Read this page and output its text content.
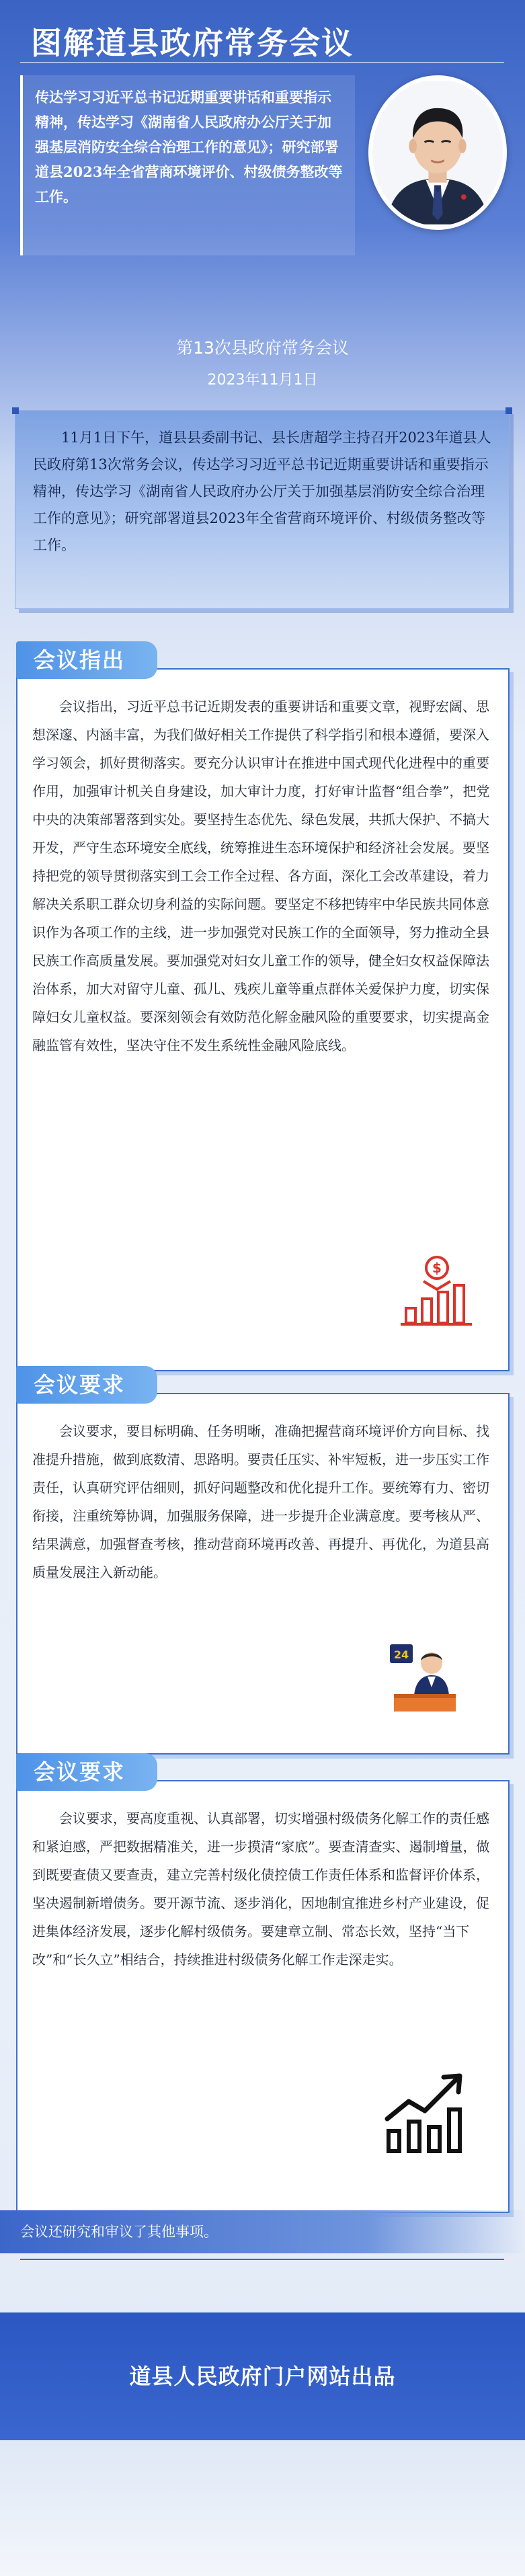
图解道县政府常务会议

传达学习习近平总书记近期重要讲话和重要指示精神，传达学习《湖南省人民政府办公厅关于加强基层消防安全综合治理工作的意见》；研究部署道县2023年全省营商环境评价、村级债务整改等工作。

第13次县政府常务会议
2023年11月1日

11月1日下午，道县县委副书记、县长唐超学主持召开2023年道县人民政府第13次常务会议，传达学习习近平总书记近期重要讲话和重要指示精神，传达学习《湖南省人民政府办公厅关于加强基层消防安全综合治理工作的意见》；研究部署道县2023年全省营商环境评价、村级债务整改等工作。

会议指出

会议指出，习近平总书记近期发表的重要讲话和重要文章，视野宏阔、思想深邃、内涵丰富，为我们做好相关工作提供了科学指引和根本遵循，要深入学习领会，抓好贯彻落实。要充分认识审计在推进中国式现代化进程中的重要作用，加强审计机关自身建设，加大审计力度，打好审计监督“组合拳”，把党中央的决策部署落到实处。要坚持生态优先、绿色发展，共抓大保护、不搞大开发，严守生态环境安全底线，统筹推进生态环境保护和经济社会发展。要坚持把党的领导贯彻落实到工会工作全过程、各方面，深化工会改革建设，着力解决关系职工群众切身利益的实际问题。要坚定不移把铸牢中华民族共同体意识作为各项工作的主线，进一步加强党对民族工作的全面领导，努力推动全县民族工作高质量发展。要加强党对妇女儿童工作的领导，健全妇女权益保障法治体系，加大对留守儿童、孤儿、残疾儿童等重点群体关爱保护力度，切实保障妇女儿童权益。要深刻领会有效防范化解金融风险的重要要求，切实提高金融监管有效性，坚决守住不发生系统性金融风险底线。

$
会议要求

会议要求，要目标明确、任务明晰，准确把握营商环境评价方向目标、找准提升措施，做到底数清、思路明。要责任压实、补牢短板，进一步压实工作责任，认真研究评估细则，抓好问题整改和优化提升工作。要统筹有力、密切衔接，注重统筹协调，加强服务保障，进一步提升企业满意度。要考核从严、结果满意，加强督查考核，推动营商环境再改善、再提升、再优化，为道县高质量发展注入新动能。

24
会议要求

会议要求，要高度重视、认真部署，切实增强村级债务化解工作的责任感和紧迫感，严把数据精准关，进一步摸清“家底”。要查清查实、遏制增量，做到既要查债又要查责，建立完善村级化债控债工作责任体系和监督评价体系，坚决遏制新增债务。要开源节流、逐步消化，因地制宜推进乡村产业建设，促进集体经济发展，逐步化解村级债务。要建章立制、常态长效，坚持“当下改”和“长久立”相结合，持续推进村级债务化解工作走深走实。

会议还研究和审议了其他事项。
道县人民政府门户网站出品
